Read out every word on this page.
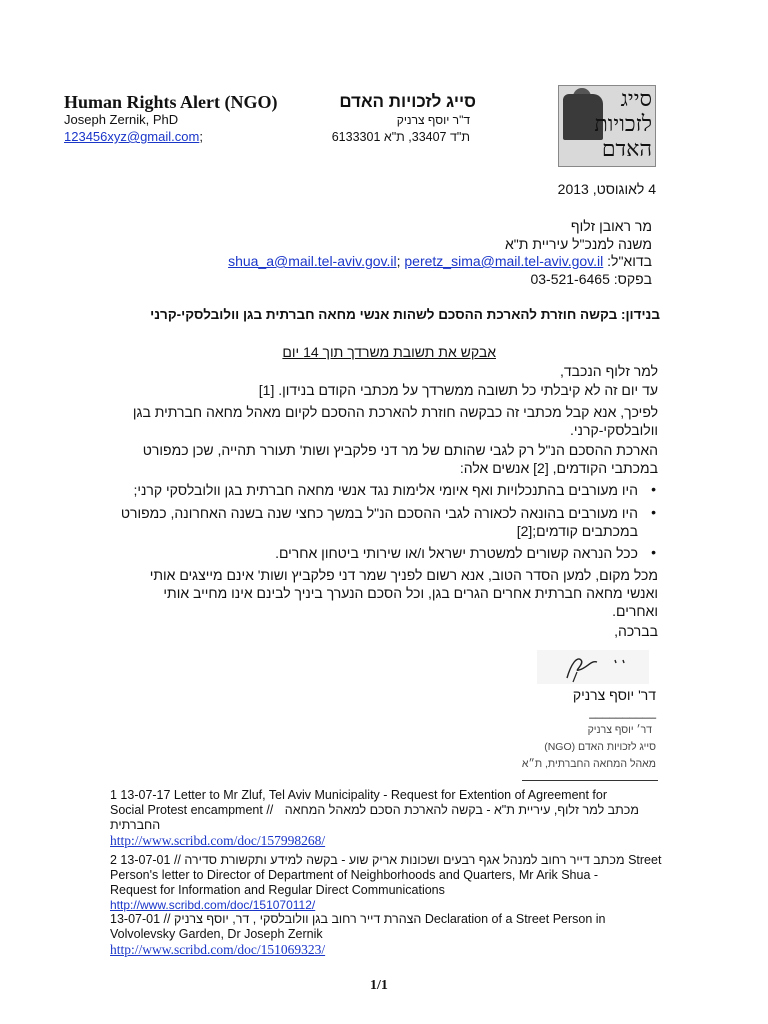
Human Rights Alert (NGO)	סייג לזכויות האדם
Joseph Zernik, PhD	ד"ר יוסף צרניק
123456xyz@gmail.com;	ת"ד 33407, ת"א 6133301
סייג
לזכויות
האדם
4 לאוגוסט, 2013
מר ראובן זלוף
משנה למנכ"ל עיריית ת"א
בדוא"ל: shua_a@mail.tel-aviv.gov.il; peretz_sima@mail.tel-aviv.gov.il
בפקס: 03-521-6465
בנידון: בקשה חוזרת להארכת ההסכם לשהות אנשי מחאה חברתית בגן וולובלסקי-קרני
אבקש את תשובת משרדך תוך 14 יום
למר זלוף הנכבד,
עד יום זה לא קיבלתי כל תשובה ממשרדך על מכתבי הקודם בנידון. [1]
לפיכך, אנא קבל מכתבי זה כבקשה חוזרת להארכת ההסכם לקיום מאהל מחאה חברתית בגן
וולובלסקי-קרני.
הארכת ההסכם הנ"ל רק לגבי שהותם של מר דני פלקביץ ושות' תעורר תהייה, שכן כמפורט
במכתבי הקודמים, [2] אנשים אלה:
היו מעורבים בהתנכלויות ואף איומי אלימות נגד אנשי מחאה חברתית בגן וולובלסקי קרני; •
היו מעורבים בהונאה לכאורה לגבי ההסכם הנ"ל במשך כחצי שנה בשנה האחרונה, כמפורט
במכתבים קודמים;[2]
•
ככל הנראה קשורים למשטרת ישראל ו/או שירותי ביטחון אחרים. •
מכל מקום, למען הסדר הטוב, אנא רשום לפניך שמר דני פלקביץ ושות' אינם מייצגים אותי
ואנשי מחאה חברתית אחרים הגרים בגן, וכל הסכם הנערך ביניך לבינם אינו מחייב אותי
ואחרים.
בברכה,
דר' יוסף צרניק
__________
דר׳ יוסף צרניק
סייג לזכויות האדם (NGO)
מאהל המחאה החברתית, ת״א
1 13-07-17 Letter to Mr Zluf, Tel Aviv Municipality - Request for Extention of Agreement for
Social Protest encampment // מכתב למר זלוף, עיריית ת"א - בקשה להארכת הסכם למאהל המחאה
החברתית
http://www.scribd.com/doc/157998268/
2 13-07-01 מכתב דייר רחוב למנהל אגף רבעים ושכונות אריק שוע - בקשה למידע ותקשורת סדירה // Street
Person's letter to Director of Department of Neighborhoods and Quarters, Mr Arik Shua -
Request for Information and Regular Direct Communications
http://www.scribd.com/doc/151070112/
13-07-01 הצהרת דייר רחוב בגן וולובלסקי , דר, יוסף צרניק // Declaration of a Street Person in
Volvolevsky Garden, Dr Joseph Zernik
http://www.scribd.com/doc/151069323/
1/1
